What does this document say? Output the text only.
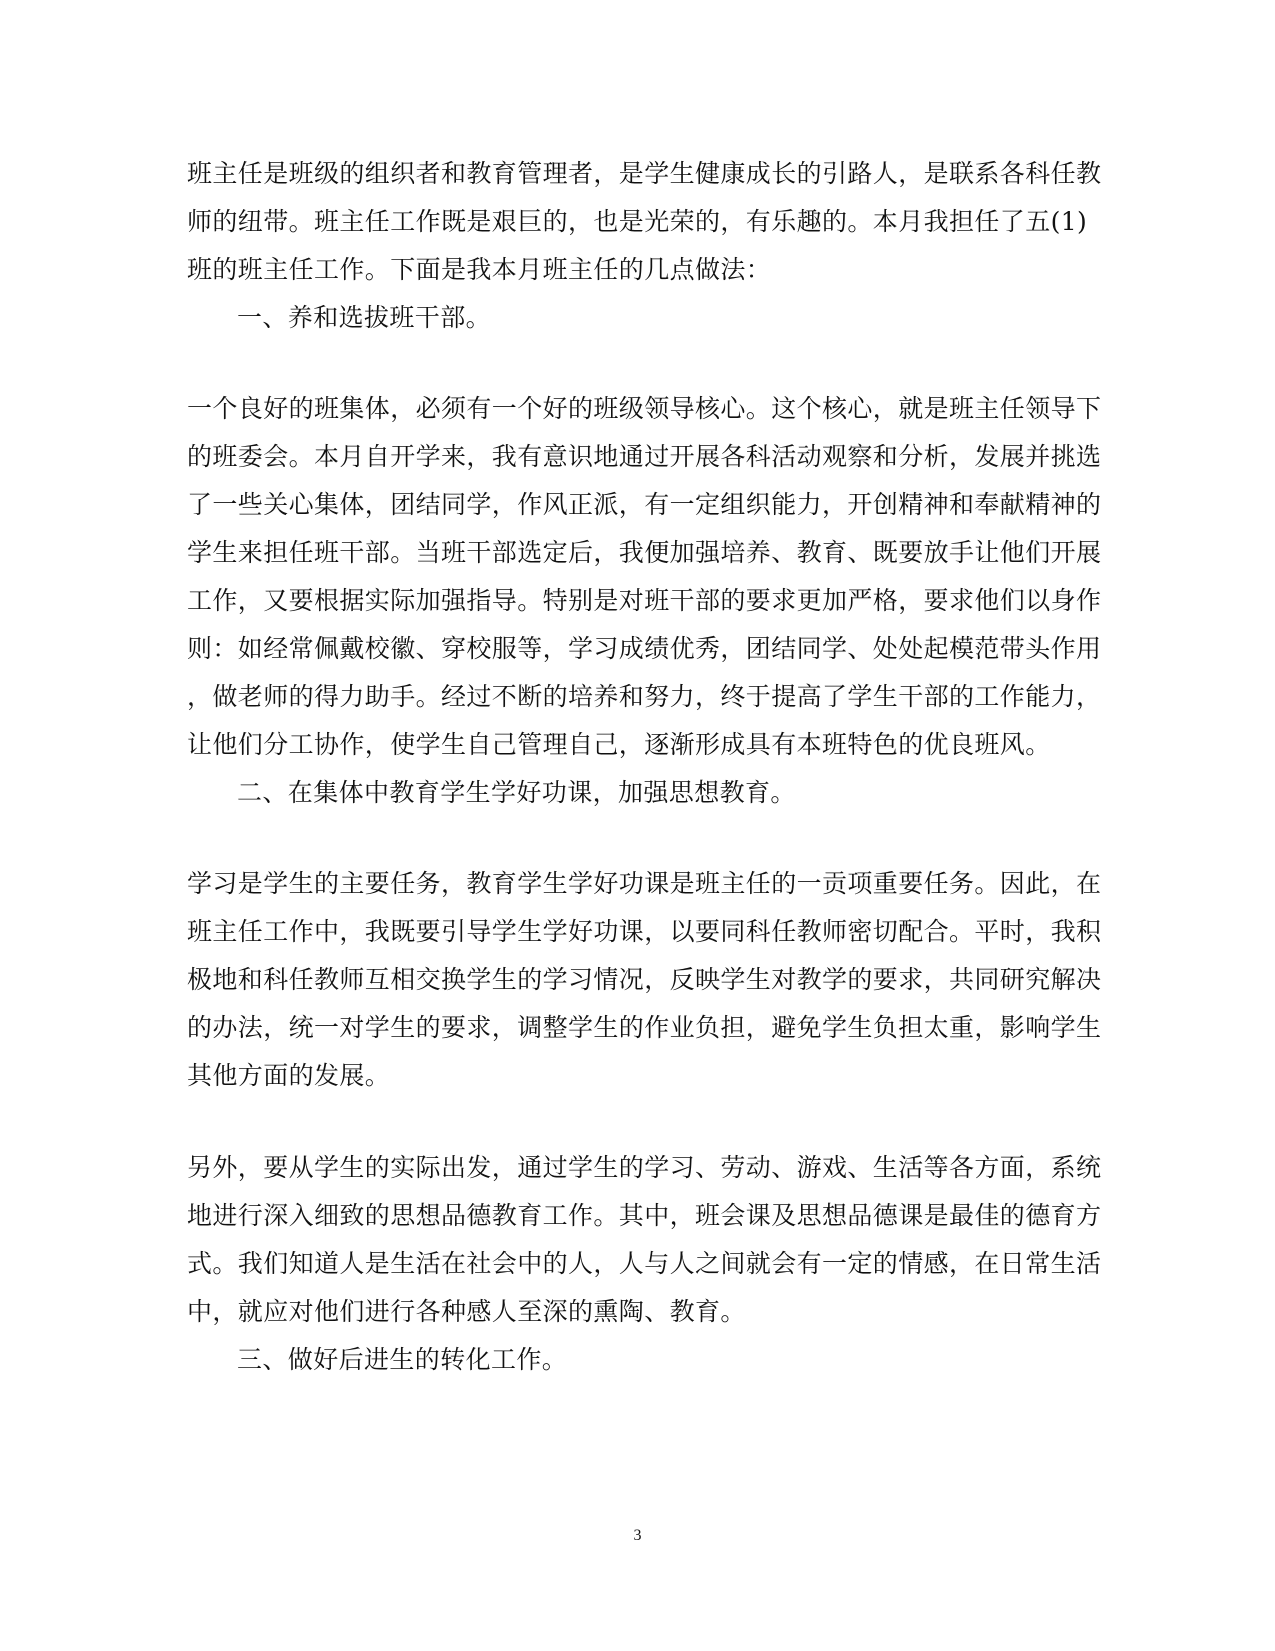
班主任是班级的组织者和教育管理者，是学生健康成长的引路人，是联系各科任教
师的纽带。班主任工作既是艰巨的，也是光荣的，有乐趣的。本月我担任了五(1)
班的班主任工作。下面是我本月班主任的几点做法：
一、养和选拔班干部。
一个良好的班集体，必须有一个好的班级领导核心。这个核心，就是班主任领导下
的班委会。本月自开学来，我有意识地通过开展各科活动观察和分析，发展并挑选
了一些关心集体，团结同学，作风正派，有一定组织能力，开创精神和奉献精神的
学生来担任班干部。当班干部选定后，我便加强培养、教育、既要放手让他们开展
工作，又要根据实际加强指导。特别是对班干部的要求更加严格，要求他们以身作
则：如经常佩戴校徽、穿校服等，学习成绩优秀，团结同学、处处起模范带头作用
，做老师的得力助手。经过不断的培养和努力，终于提高了学生干部的工作能力，
让他们分工协作，使学生自己管理自己，逐渐形成具有本班特色的优良班风。
二、在集体中教育学生学好功课，加强思想教育。
学习是学生的主要任务，教育学生学好功课是班主任的一贡项重要任务。因此，在
班主任工作中，我既要引导学生学好功课，以要同科任教师密切配合。平时，我积
极地和科任教师互相交换学生的学习情况，反映学生对教学的要求，共同研究解决
的办法，统一对学生的要求，调整学生的作业负担，避免学生负担太重，影响学生
其他方面的发展。
另外，要从学生的实际出发，通过学生的学习、劳动、游戏、生活等各方面，系统
地进行深入细致的思想品德教育工作。其中，班会课及思想品德课是最佳的德育方
式。我们知道人是生活在社会中的人，人与人之间就会有一定的情感，在日常生活
中，就应对他们进行各种感人至深的熏陶、教育。
三、做好后进生的转化工作。
3
